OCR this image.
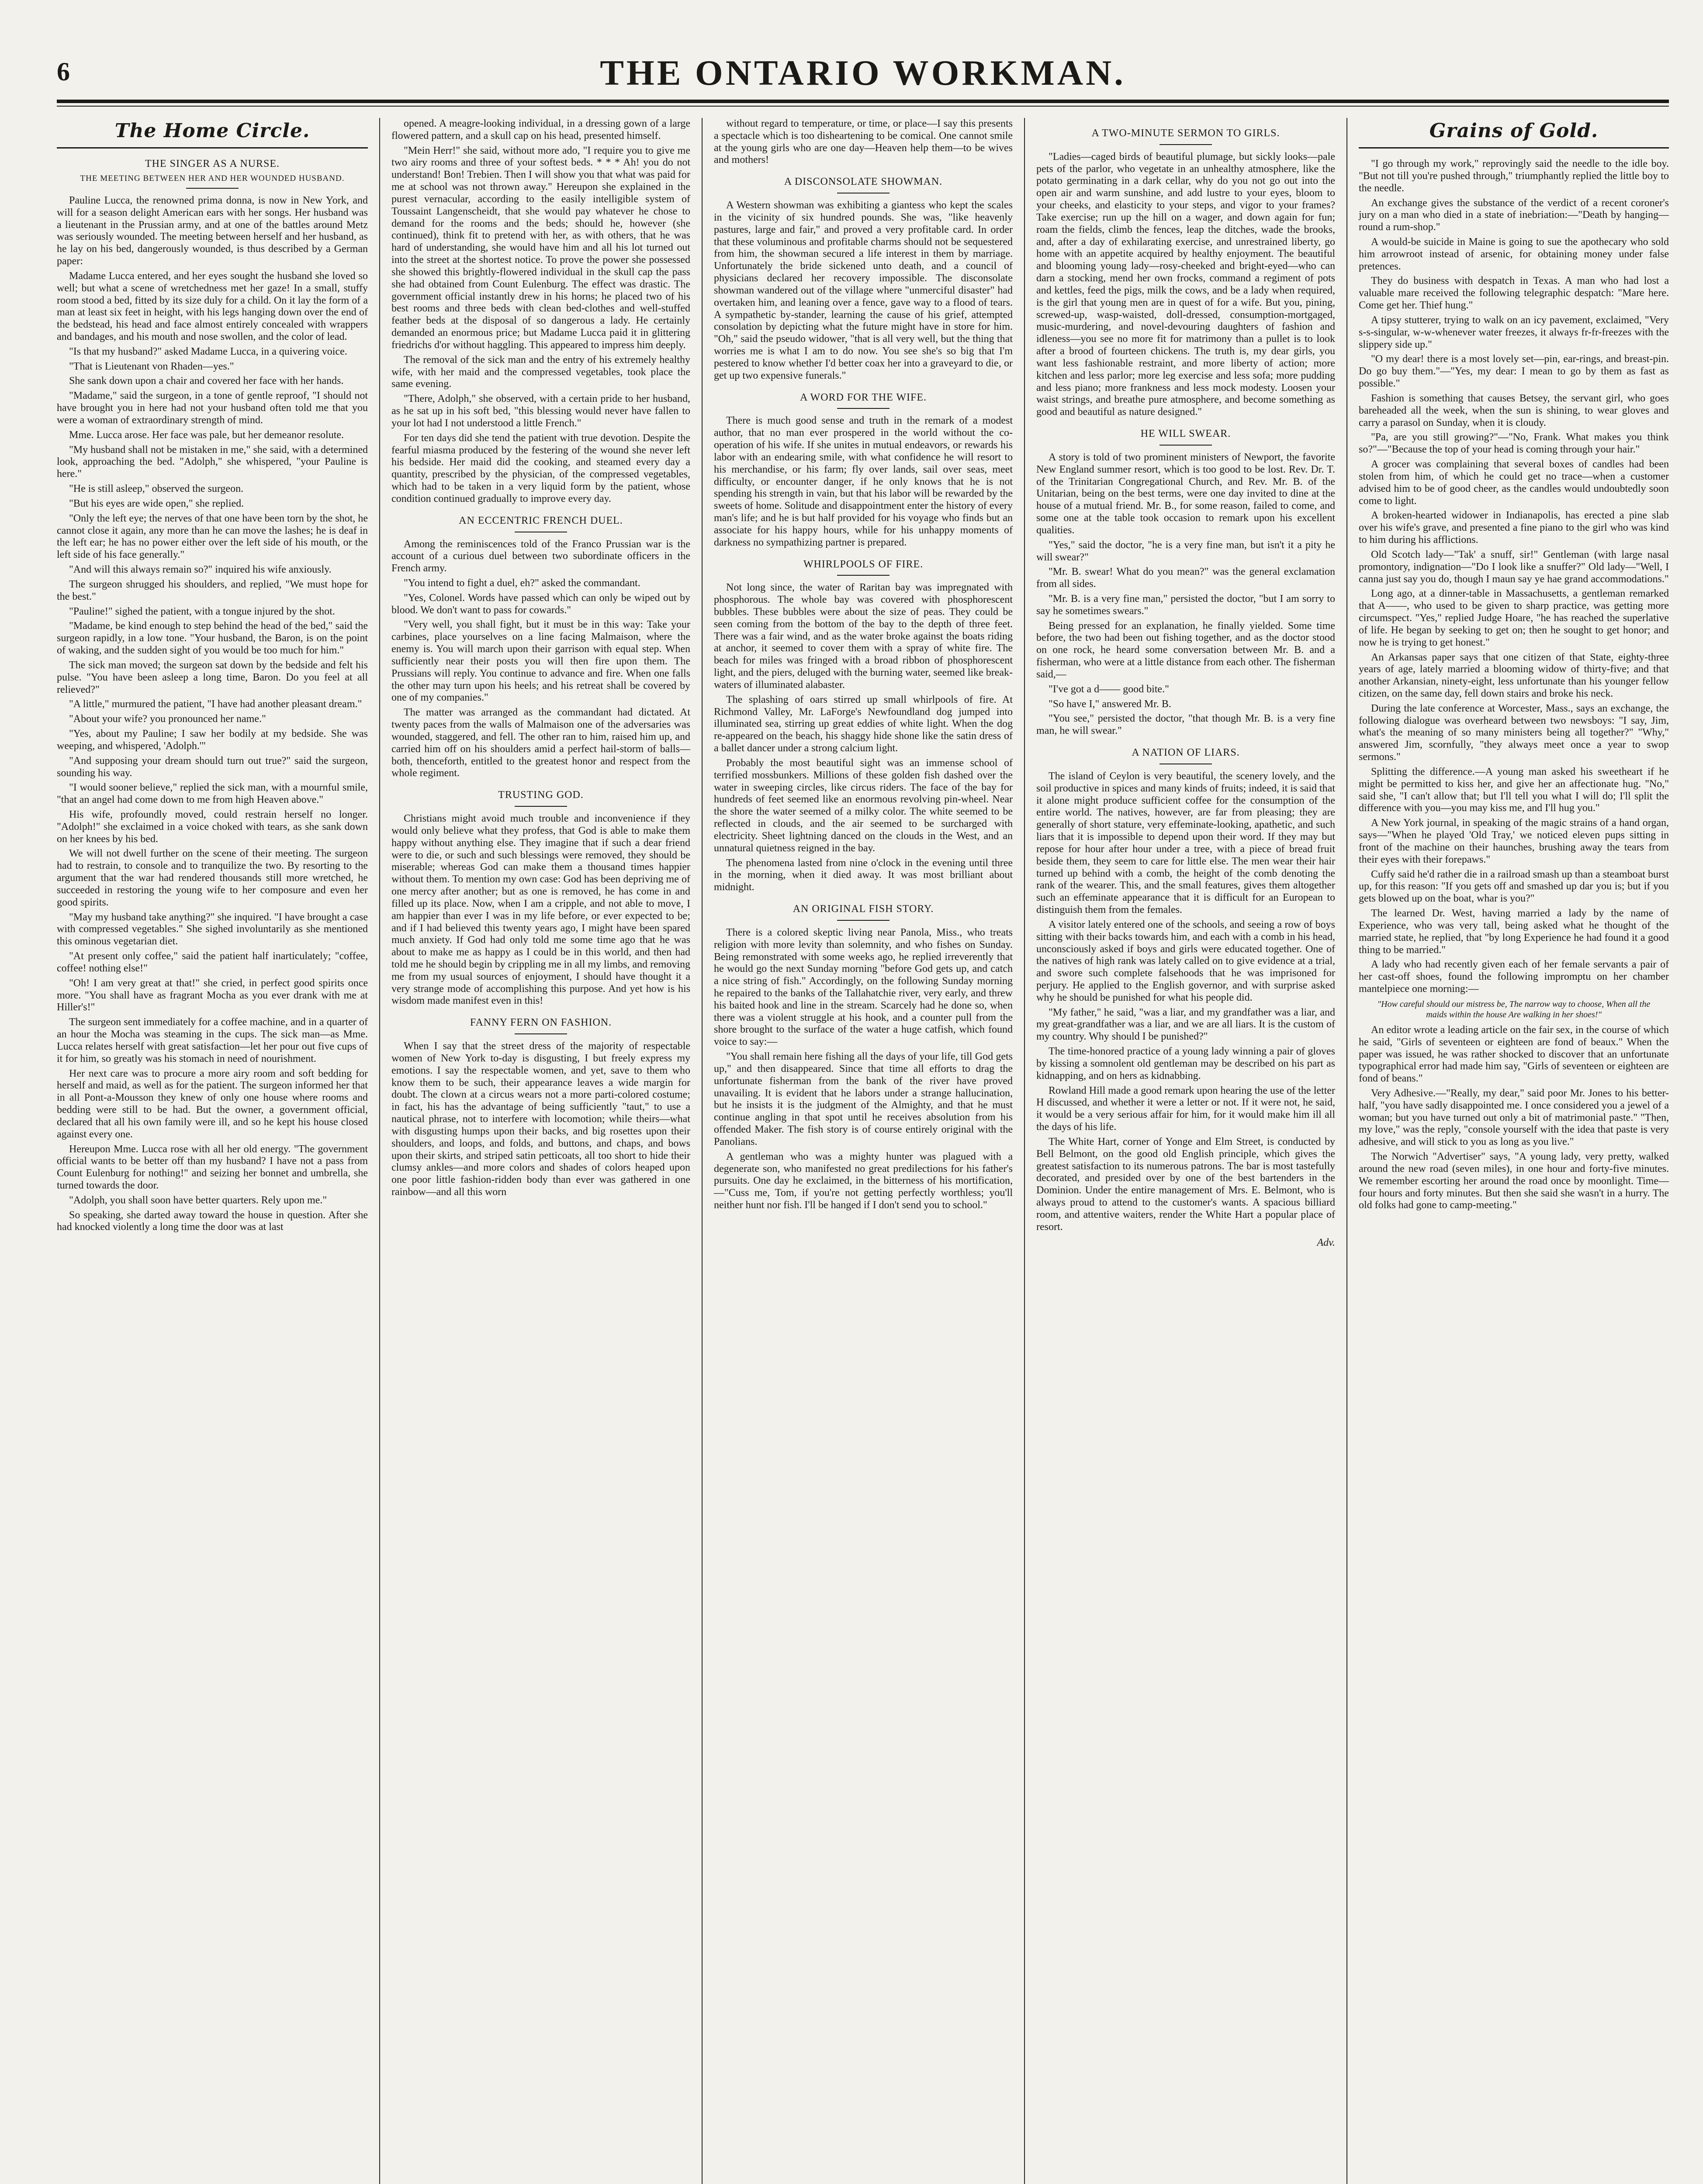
6	THE ONTARIO WORKMAN.
The Home Circle.
THE SINGER AS A NURSE.
THE MEETING BETWEEN HER AND HER WOUNDED HUSBAND.

Pauline Lucca, the renowned prima donna, is now in New York, and will for a season delight American ears with her songs. Her husband was a lieutenant in the Prussian army, and at one of the battles around Metz was seriously wounded. The meeting between herself and her husband, as he lay on his bed, dangerously wounded, is thus described by a German paper:

Madame Lucca entered, and her eyes sought the husband she loved so well; but what a scene of wretchedness met her gaze! In a small, stuffy room stood a bed, fitted by its size duly for a child. On it lay the form of a man at least six feet in height, with his legs hanging down over the end of the bedstead, his head and face almost entirely concealed with wrappers and bandages, and his mouth and nose swollen, and the color of lead.

"Is that my husband?" asked Madame Lucca, in a quivering voice.

"That is Lieutenant von Rhaden—yes."

She sank down upon a chair and covered her face with her hands.

"Madame," said the surgeon, in a tone of gentle reproof, "I should not have brought you in here had not your husband often told me that you were a woman of extraordinary strength of mind.

Mme. Lucca arose. Her face was pale, but her demeanor resolute.

"My husband shall not be mistaken in me," she said, with a determined look, approaching the bed. "Adolph," she whispered, "your Pauline is here."

"He is still asleep," observed the surgeon.

"But his eyes are wide open," she replied.

"Only the left eye; the nerves of that one have been torn by the shot, he cannot close it again, any more than he can move the lashes; he is deaf in the left ear; he has no power either over the left side of his mouth, or the left side of his face generally."

"And will this always remain so?" inquired his wife anxiously.

The surgeon shrugged his shoulders, and replied, "We must hope for the best."

"Pauline!" sighed the patient, with a tongue injured by the shot.

"Madame, be kind enough to step behind the head of the bed," said the surgeon rapidly, in a low tone. "Your husband, the Baron, is on the point of waking, and the sudden sight of you would be too much for him."

The sick man moved; the surgeon sat down by the bedside and felt his pulse. "You have been asleep a long time, Baron. Do you feel at all relieved?"

"A little," murmured the patient, "I have had another pleasant dream."

"About your wife? you pronounced her name."

"Yes, about my Pauline; I saw her bodily at my bedside. She was weeping, and whispered, 'Adolph.'"

"And supposing your dream should turn out true?" said the surgeon, sounding his way.

"I would sooner believe," replied the sick man, with a mournful smile, "that an angel had come down to me from high Heaven above."

His wife, profoundly moved, could restrain herself no longer. "Adolph!" she exclaimed in a voice choked with tears, as she sank down on her knees by his bed.

We will not dwell further on the scene of their meeting. The surgeon had to restrain, to console and to tranquilize the two. By resorting to the argument that the war had rendered thousands still more wretched, he succeeded in restoring the young wife to her composure and even her good spirits.

"May my husband take anything?" she inquired. "I have brought a case with compressed vegetables." She sighed involuntarily as she mentioned this ominous vegetarian diet.

"At present only coffee," said the patient half inarticulately; "coffee, coffee! nothing else!"

"Oh! I am very great at that!" she cried, in perfect good spirits once more. "You shall have as fragrant Mocha as you ever drank with me at Hiller's!"

The surgeon sent immediately for a coffee machine, and in a quarter of an hour the Mocha was steaming in the cups. The sick man—as Mme. Lucca relates herself with great satisfaction—let her pour out five cups of it for him, so greatly was his stomach in need of nourishment.

Her next care was to procure a more airy room and soft bedding for herself and maid, as well as for the patient. The surgeon informed her that in all Pont-a-Mousson they knew of only one house where rooms and bedding were still to be had. But the owner, a government official, declared that all his own family were ill, and so he kept his house closed against every one.

Hereupon Mme. Lucca rose with all her old energy. "The government official wants to be better off than my husband? I have not a pass from Count Eulenburg for nothing!" and seizing her bonnet and umbrella, she turned towards the door.

"Adolph, you shall soon have better quarters. Rely upon me."

So speaking, she darted away toward the house in question. After she had knocked violently a long time the door was at last

opened. A meagre-looking individual, in a dressing gown of a large flowered pattern, and a skull cap on his head, presented himself.

"Mein Herr!" she said, without more ado, "I require you to give me two airy rooms and three of your softest beds. * * * Ah! you do not understand! Bon! Trebien. Then I will show you that what was paid for me at school was not thrown away." Hereupon she explained in the purest vernacular, according to the easily intelligible system of Toussaint Langenscheidt, that she would pay whatever he chose to demand for the rooms and the beds; should he, however (she continued), think fit to pretend with her, as with others, that he was hard of understanding, she would have him and all his lot turned out into the street at the shortest notice. To prove the power she possessed she showed this brightly-flowered individual in the skull cap the pass she had obtained from Count Eulenburg. The effect was drastic. The government official instantly drew in his horns; he placed two of his best rooms and three beds with clean bed-clothes and well-stuffed feather beds at the disposal of so dangerous a lady. He certainly demanded an enormous price; but Madame Lucca paid it in glittering friedrichs d'or without haggling. This appeared to impress him deeply.

The removal of the sick man and the entry of his extremely healthy wife, with her maid and the compressed vegetables, took place the same evening.

"There, Adolph," she observed, with a certain pride to her husband, as he sat up in his soft bed, "this blessing would never have fallen to your lot had I not understood a little French."

For ten days did she tend the patient with true devotion. Despite the fearful miasma produced by the festering of the wound she never left his bedside. Her maid did the cooking, and steamed every day a quantity, prescribed by the physician, of the compressed vegetables, which had to be taken in a very liquid form by the patient, whose condition continued gradually to improve every day.

AN ECCENTRIC FRENCH DUEL.

Among the reminiscences told of the Franco Prussian war is the account of a curious duel between two subordinate officers in the French army.

"You intend to fight a duel, eh?" asked the commandant.

"Yes, Colonel. Words have passed which can only be wiped out by blood. We don't want to pass for cowards."

"Very well, you shall fight, but it must be in this way: Take your carbines, place yourselves on a line facing Malmaison, where the enemy is. You will march upon their garrison with equal step. When sufficiently near their posts you will then fire upon them. The Prussians will reply. You continue to advance and fire. When one falls the other may turn upon his heels; and his retreat shall be covered by one of my companies."

The matter was arranged as the commandant had dictated. At twenty paces from the walls of Malmaison one of the adversaries was wounded, staggered, and fell. The other ran to him, raised him up, and carried him off on his shoulders amid a perfect hail-storm of balls—both, thenceforth, entitled to the greatest honor and respect from the whole regiment.

TRUSTING GOD.

Christians might avoid much trouble and inconvenience if they would only believe what they profess, that God is able to make them happy without anything else. They imagine that if such a dear friend were to die, or such and such blessings were removed, they should be miserable; whereas God can make them a thousand times happier without them. To mention my own case: God has been depriving me of one mercy after another; but as one is removed, he has come in and filled up its place. Now, when I am a cripple, and not able to move, I am happier than ever I was in my life before, or ever expected to be; and if I had believed this twenty years ago, I might have been spared much anxiety. If God had only told me some time ago that he was about to make me as happy as I could be in this world, and then had told me he should begin by crippling me in all my limbs, and removing me from my usual sources of enjoyment, I should have thought it a very strange mode of accomplishing this purpose. And yet how is his wisdom made manifest even in this!

FANNY FERN ON FASHION.

When I say that the street dress of the majority of respectable women of New York to-day is disgusting, I but freely express my emotions. I say the respectable women, and yet, save to them who know them to be such, their appearance leaves a wide margin for doubt. The clown at a circus wears not a more parti-colored costume; in fact, his has the advantage of being sufficiently "taut," to use a nautical phrase, not to interfere with locomotion; while theirs—what with disgusting humps upon their backs, and big rosettes upon their shoulders, and loops, and folds, and buttons, and chaps, and bows upon their skirts, and striped satin petticoats, all too short to hide their clumsy ankles—and more colors and shades of colors heaped upon one poor little fashion-ridden body than ever was gathered in one rainbow—and all this worn

without regard to temperature, or time, or place—I say this presents a spectacle which is too disheartening to be comical. One cannot smile at the young girls who are one day—Heaven help them—to be wives and mothers!

A DISCONSOLATE SHOWMAN.

A Western showman was exhibiting a giantess who kept the scales in the vicinity of six hundred pounds. She was, "like heavenly pastures, large and fair," and proved a very profitable card. In order that these voluminous and profitable charms should not be sequestered from him, the showman secured a life interest in them by marriage. Unfortunately the bride sickened unto death, and a council of physicians declared her recovery impossible. The disconsolate showman wandered out of the village where "unmerciful disaster" had overtaken him, and leaning over a fence, gave way to a flood of tears. A sympathetic by-stander, learning the cause of his grief, attempted consolation by depicting what the future might have in store for him. "Oh," said the pseudo widower, "that is all very well, but the thing that worries me is what I am to do now. You see she's so big that I'm pestered to know whether I'd better coax her into a graveyard to die, or get up two expensive funerals."

A WORD FOR THE WIFE.

There is much good sense and truth in the remark of a modest author, that no man ever prospered in the world without the co-operation of his wife. If she unites in mutual endeavors, or rewards his labor with an endearing smile, with what confidence he will resort to his merchandise, or his farm; fly over lands, sail over seas, meet difficulty, or encounter danger, if he only knows that he is not spending his strength in vain, but that his labor will be rewarded by the sweets of home. Solitude and disappointment enter the history of every man's life; and he is but half provided for his voyage who finds but an associate for his happy hours, while for his unhappy moments of darkness no sympathizing partner is prepared.

WHIRLPOOLS OF FIRE.

Not long since, the water of Raritan bay was impregnated with phosphorous. The whole bay was covered with phosphorescent bubbles. These bubbles were about the size of peas. They could be seen coming from the bottom of the bay to the depth of three feet. There was a fair wind, and as the water broke against the boats riding at anchor, it seemed to cover them with a spray of white fire. The beach for miles was fringed with a broad ribbon of phosphorescent light, and the piers, deluged with the burning water, seemed like break-waters of illuminated alabaster.

The splashing of oars stirred up small whirlpools of fire. At Richmond Valley, Mr. LaForge's Newfoundland dog jumped into illuminated sea, stirring up great eddies of white light. When the dog re-appeared on the beach, his shaggy hide shone like the satin dress of a ballet dancer under a strong calcium light.

Probably the most beautiful sight was an immense school of terrified mossbunkers. Millions of these golden fish dashed over the water in sweeping circles, like circus riders. The face of the bay for hundreds of feet seemed like an enormous revolving pin-wheel. Near the shore the water seemed of a milky color. The white seemed to be reflected in clouds, and the air seemed to be surcharged with electricity. Sheet lightning danced on the clouds in the West, and an unnatural quietness reigned in the bay.

The phenomena lasted from nine o'clock in the evening until three in the morning, when it died away. It was most brilliant about midnight.

AN ORIGINAL FISH STORY.

There is a colored skeptic living near Panola, Miss., who treats religion with more levity than solemnity, and who fishes on Sunday. Being remonstrated with some weeks ago, he replied irreverently that he would go the next Sunday morning "before God gets up, and catch a nice string of fish." Accordingly, on the following Sunday morning he repaired to the banks of the Tallahatchie river, very early, and threw his baited hook and line in the stream. Scarcely had he done so, when there was a violent struggle at his hook, and a counter pull from the shore brought to the surface of the water a huge catfish, which found voice to say:—

"You shall remain here fishing all the days of your life, till God gets up," and then disappeared. Since that time all efforts to drag the unfortunate fisherman from the bank of the river have proved unavailing. It is evident that he labors under a strange hallucination, but he insists it is the judgment of the Almighty, and that he must continue angling in that spot until he receives absolution from his offended Maker. The fish story is of course entirely original with the Panolians.

A gentleman who was a mighty hunter was plagued with a degenerate son, who manifested no great predilections for his father's pursuits. One day he exclaimed, in the bitterness of his mortification,—"Cuss me, Tom, if you're not getting perfectly worthless; you'll neither hunt nor fish. I'll be hanged if I don't send you to school."

A TWO-MINUTE SERMON TO GIRLS.

"Ladies—caged birds of beautiful plumage, but sickly looks—pale pets of the parlor, who vegetate in an unhealthy atmosphere, like the potato germinating in a dark cellar, why do you not go out into the open air and warm sunshine, and add lustre to your eyes, bloom to your cheeks, and elasticity to your steps, and vigor to your frames? Take exercise; run up the hill on a wager, and down again for fun; roam the fields, climb the fences, leap the ditches, wade the brooks, and, after a day of exhilarating exercise, and unrestrained liberty, go home with an appetite acquired by healthy enjoyment. The beautiful and blooming young lady—rosy-cheeked and bright-eyed—who can darn a stocking, mend her own frocks, command a regiment of pots and kettles, feed the pigs, milk the cows, and be a lady when required, is the girl that young men are in quest of for a wife. But you, pining, screwed-up, wasp-waisted, doll-dressed, consumption-mortgaged, music-murdering, and novel-devouring daughters of fashion and idleness—you see no more fit for matrimony than a pullet is to look after a brood of fourteen chickens. The truth is, my dear girls, you want less fashionable restraint, and more liberty of action; more kitchen and less parlor; more leg exercise and less sofa; more pudding and less piano; more frankness and less mock modesty. Loosen your waist strings, and breathe pure atmosphere, and become something as good and beautiful as nature designed."

HE WILL SWEAR.

A story is told of two prominent ministers of Newport, the favorite New England summer resort, which is too good to be lost. Rev. Dr. T. of the Trinitarian Congregational Church, and Rev. Mr. B. of the Unitarian, being on the best terms, were one day invited to dine at the house of a mutual friend. Mr. B., for some reason, failed to come, and some one at the table took occasion to remark upon his excellent qualities.

"Yes," said the doctor, "he is a very fine man, but isn't it a pity he will swear?"

"Mr. B. swear! What do you mean?" was the general exclamation from all sides.

"Mr. B. is a very fine man," persisted the doctor, "but I am sorry to say he sometimes swears."

Being pressed for an explanation, he finally yielded. Some time before, the two had been out fishing together, and as the doctor stood on one rock, he heard some conversation between Mr. B. and a fisherman, who were at a little distance from each other. The fisherman said,—

"I've got a d—— good bite."

"So have I," answered Mr. B.

"You see," persisted the doctor, "that though Mr. B. is a very fine man, he will swear."

A NATION OF LIARS.

The island of Ceylon is very beautiful, the scenery lovely, and the soil productive in spices and many kinds of fruits; indeed, it is said that it alone might produce sufficient coffee for the consumption of the entire world. The natives, however, are far from pleasing; they are generally of short stature, very effeminate-looking, apathetic, and such liars that it is impossible to depend upon their word. If they may but repose for hour after hour under a tree, with a piece of bread fruit beside them, they seem to care for little else. The men wear their hair turned up behind with a comb, the height of the comb denoting the rank of the wearer. This, and the small features, gives them altogether such an effeminate appearance that it is difficult for an European to distinguish them from the females.

A visitor lately entered one of the schools, and seeing a row of boys sitting with their backs towards him, and each with a comb in his head, unconsciously asked if boys and girls were educated together. One of the natives of high rank was lately called on to give evidence at a trial, and swore such complete falsehoods that he was imprisoned for perjury. He applied to the English governor, and with surprise asked why he should be punished for what his people did.

"My father," he said, "was a liar, and my grandfather was a liar, and my great-grandfather was a liar, and we are all liars. It is the custom of my country. Why should I be punished?"

The time-honored practice of a young lady winning a pair of gloves by kissing a somnolent old gentleman may be described on his part as kidnapping, and on hers as kidnabbing.

Rowland Hill made a good remark upon hearing the use of the letter H discussed, and whether it were a letter or not. If it were not, he said, it would be a very serious affair for him, for it would make him ill all the days of his life.

The White Hart, corner of Yonge and Elm Street, is conducted by Bell Belmont, on the good old English principle, which gives the greatest satisfaction to its numerous patrons. The bar is most tastefully decorated, and presided over by one of the best bartenders in the Dominion. Under the entire management of Mrs. E. Belmont, who is always proud to attend to the customer's wants. A spacious billiard room, and attentive waiters, render the White Hart a popular place of resort.

Adv.
Grains of Gold.

"I go through my work," reprovingly said the needle to the idle boy. "But not till you're pushed through," triumphantly replied the little boy to the needle.

An exchange gives the substance of the verdict of a recent coroner's jury on a man who died in a state of inebriation:—"Death by hanging—round a rum-shop."

A would-be suicide in Maine is going to sue the apothecary who sold him arrowroot instead of arsenic, for obtaining money under false pretences.

They do business with despatch in Texas. A man who had lost a valuable mare received the following telegraphic despatch: "Mare here. Come get her. Thief hung."

A tipsy stutterer, trying to walk on an icy pavement, exclaimed, "Very s-s-singular, w-w-whenever water freezes, it always fr-fr-freezes with the slippery side up."

"O my dear! there is a most lovely set—pin, ear-rings, and breast-pin. Do go buy them."—"Yes, my dear: I mean to go by them as fast as possible."

Fashion is something that causes Betsey, the servant girl, who goes bareheaded all the week, when the sun is shining, to wear gloves and carry a parasol on Sunday, when it is cloudy.

"Pa, are you still growing?"—"No, Frank. What makes you think so?"—"Because the top of your head is coming through your hair."

A grocer was complaining that several boxes of candles had been stolen from him, of which he could get no trace—when a customer advised him to be of good cheer, as the candles would undoubtedly soon come to light.

A broken-hearted widower in Indianapolis, has erected a pine slab over his wife's grave, and presented a fine piano to the girl who was kind to him during his afflictions.

Old Scotch lady—"Tak' a snuff, sir!" Gentleman (with large nasal promontory, indignation—"Do I look like a snuffer?" Old lady—"Well, I canna just say you do, though I maun say ye hae grand accommodations."

Long ago, at a dinner-table in Massachusetts, a gentleman remarked that A——, who used to be given to sharp practice, was getting more circumspect. "Yes," replied Judge Hoare, "he has reached the superlative of life. He began by seeking to get on; then he sought to get honor; and now he is trying to get honest."

An Arkansas paper says that one citizen of that State, eighty-three years of age, lately married a blooming widow of thirty-five; and that another Arkansian, ninety-eight, less unfortunate than his younger fellow citizen, on the same day, fell down stairs and broke his neck.

During the late conference at Worcester, Mass., says an exchange, the following dialogue was overheard between two newsboys: "I say, Jim, what's the meaning of so many ministers being all together?" "Why," answered Jim, scornfully, "they always meet once a year to swop sermons."

Splitting the difference.—A young man asked his sweetheart if he might be permitted to kiss her, and give her an affectionate hug. "No," said she, "I can't allow that; but I'll tell you what I will do; I'll split the difference with you—you may kiss me, and I'll hug you."

A New York journal, in speaking of the magic strains of a hand organ, says—"When he played 'Old Tray,' we noticed eleven pups sitting in front of the machine on their haunches, brushing away the tears from their eyes with their forepaws."

Cuffy said he'd rather die in a railroad smash up than a steamboat burst up, for this reason: "If you gets off and smashed up dar you is; but if you gets blowed up on the boat, whar is you?"

The learned Dr. West, having married a lady by the name of Experience, who was very tall, being asked what he thought of the married state, he replied, that "by long Experience he had found it a good thing to be married."

A lady who had recently given each of her female servants a pair of her cast-off shoes, found the following impromptu on her chamber mantelpiece one morning:—

"How careful should our mistress be, The narrow way to choose, When all the maids within the house Are walking in her shoes!"

An editor wrote a leading article on the fair sex, in the course of which he said, "Girls of seventeen or eighteen are fond of beaux." When the paper was issued, he was rather shocked to discover that an unfortunate typographical error had made him say, "Girls of seventeen or eighteen are fond of beans."

Very Adhesive.—"Really, my dear," said poor Mr. Jones to his better-half, "you have sadly disappointed me. I once considered you a jewel of a woman; but you have turned out only a bit of matrimonial paste." "Then, my love," was the reply, "console yourself with the idea that paste is very adhesive, and will stick to you as long as you live."

The Norwich "Advertiser" says, "A young lady, very pretty, walked around the new road (seven miles), in one hour and forty-five minutes. We remember escorting her around the road once by moonlight. Time—four hours and forty minutes. But then she said she wasn't in a hurry. The old folks had gone to camp-meeting."
